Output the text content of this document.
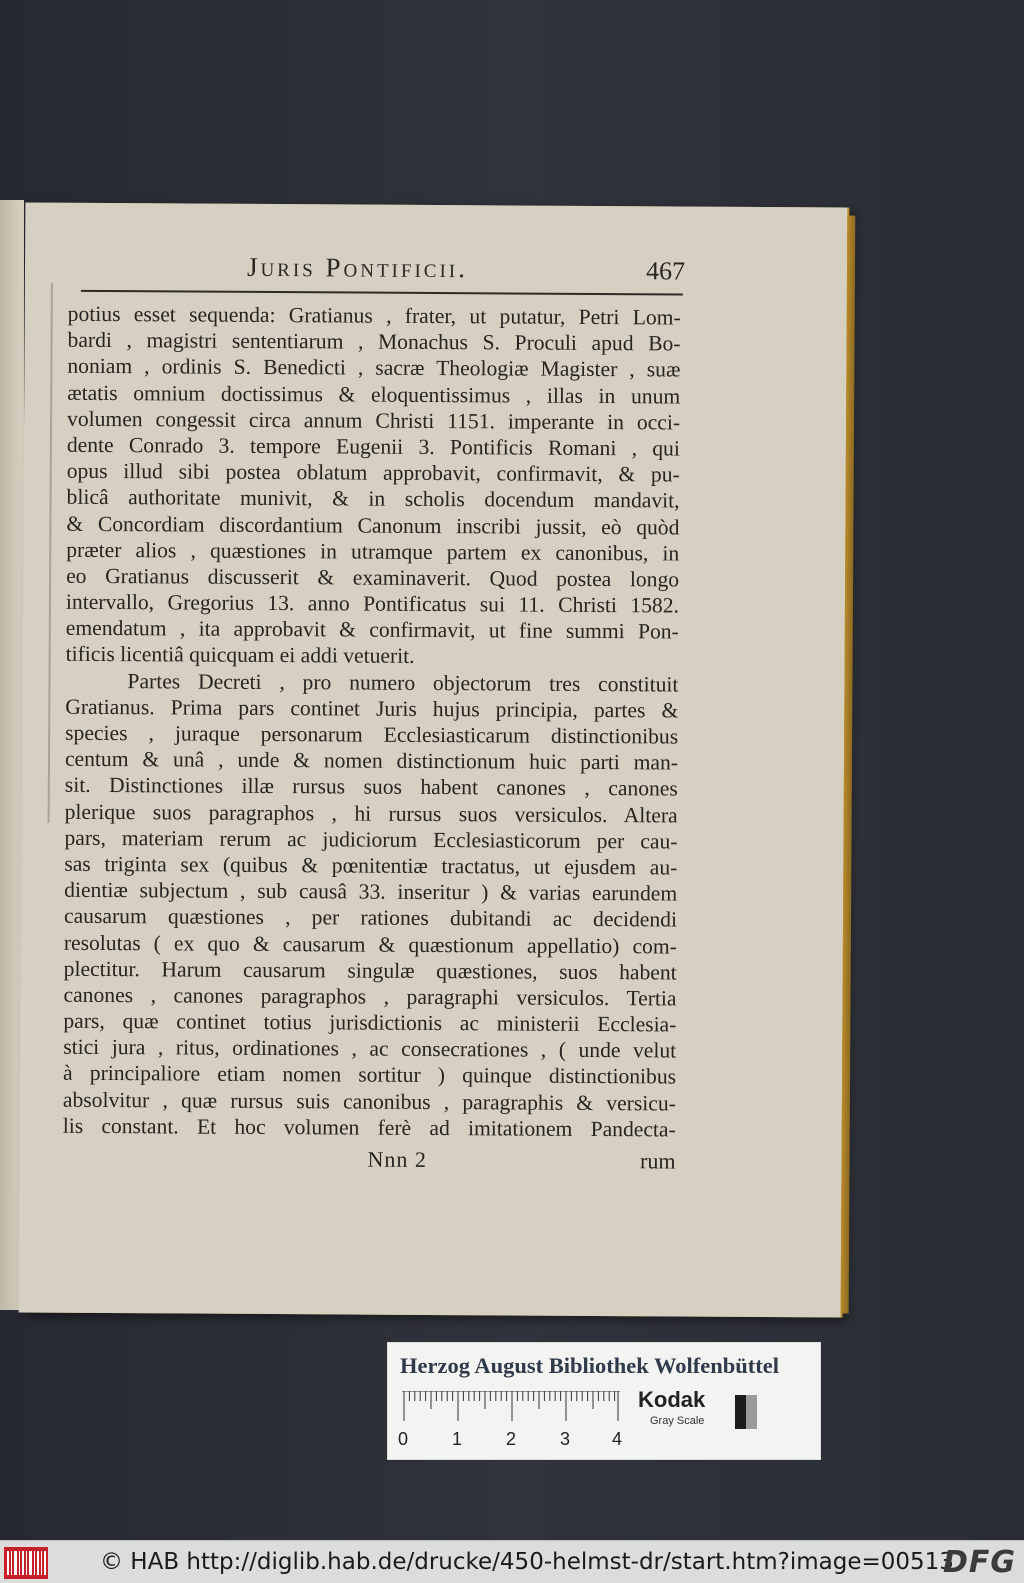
Juris Pontificii.	467
potius esset sequenda: Gratianus , frater, ut putatur, Petri Lom-
bardi , magistri sententiarum , Monachus S. Proculi apud Bo-
noniam , ordinis S. Benedicti , sacræ Theologiæ Magister , suæ
ætatis omnium doctissimus & eloquentissimus , illas in unum
volumen congessit circa annum Christi 1151. imperante in occi-
dente Conrado 3. tempore Eugenii 3. Pontificis Romani , qui
opus illud sibi postea oblatum approbavit, confirmavit, & pu-
blicâ authoritate munivit, & in scholis docendum mandavit,
& Concordiam discordantium Canonum inscribi jussit, eò quòd
præter alios , quæstiones in utramque partem ex canonibus, in
eo Gratianus discusserit & examinaverit. Quod postea longo
intervallo, Gregorius 13. anno Pontificatus sui 11. Christi 1582.
emendatum , ita approbavit & confirmavit, ut fine summi Pon-
tificis licentiâ quicquam ei addi vetuerit.
Partes Decreti , pro numero objectorum tres constituit
Gratianus. Prima pars continet Juris hujus principia, partes &
species , juraque personarum Ecclesiasticarum distinctionibus
centum & unâ , unde & nomen distinctionum huic parti man-
sit. Distinctiones illæ rursus suos habent canones , canones
plerique suos paragraphos , hi rursus suos versiculos. Altera
pars, materiam rerum ac judiciorum Ecclesiasticorum per cau-
sas triginta sex (quibus & pœnitentiæ tractatus, ut ejusdem au-
dientiæ subjectum , sub causâ 33. inseritur ) & varias earundem
causarum quæstiones , per rationes dubitandi ac decidendi
resolutas ( ex quo & causarum & quæstionum appellatio) com-
plectitur. Harum causarum singulæ quæstiones, suos habent
canones , canones paragraphos , paragraphi versiculos. Tertia
pars, quæ continet totius jurisdictionis ac ministerii Ecclesia-
stici jura , ritus, ordinationes , ac consecrationes , ( unde velut
à principaliore etiam nomen sortitur ) quinque distinctionibus
absolvitur , quæ rursus suis canonibus , paragraphis & versicu-
lis constant. Et hoc volumen ferè ad imitationem Pandecta-
Nnn 2	rum
Herzog August Bibliothek Wolfenbüttel
0 1 2 3 4
Kodak
Gray Scale
© HAB http://diglib.hab.de/drucke/450-helmst-dr/start.htm?image=00513
DFG
